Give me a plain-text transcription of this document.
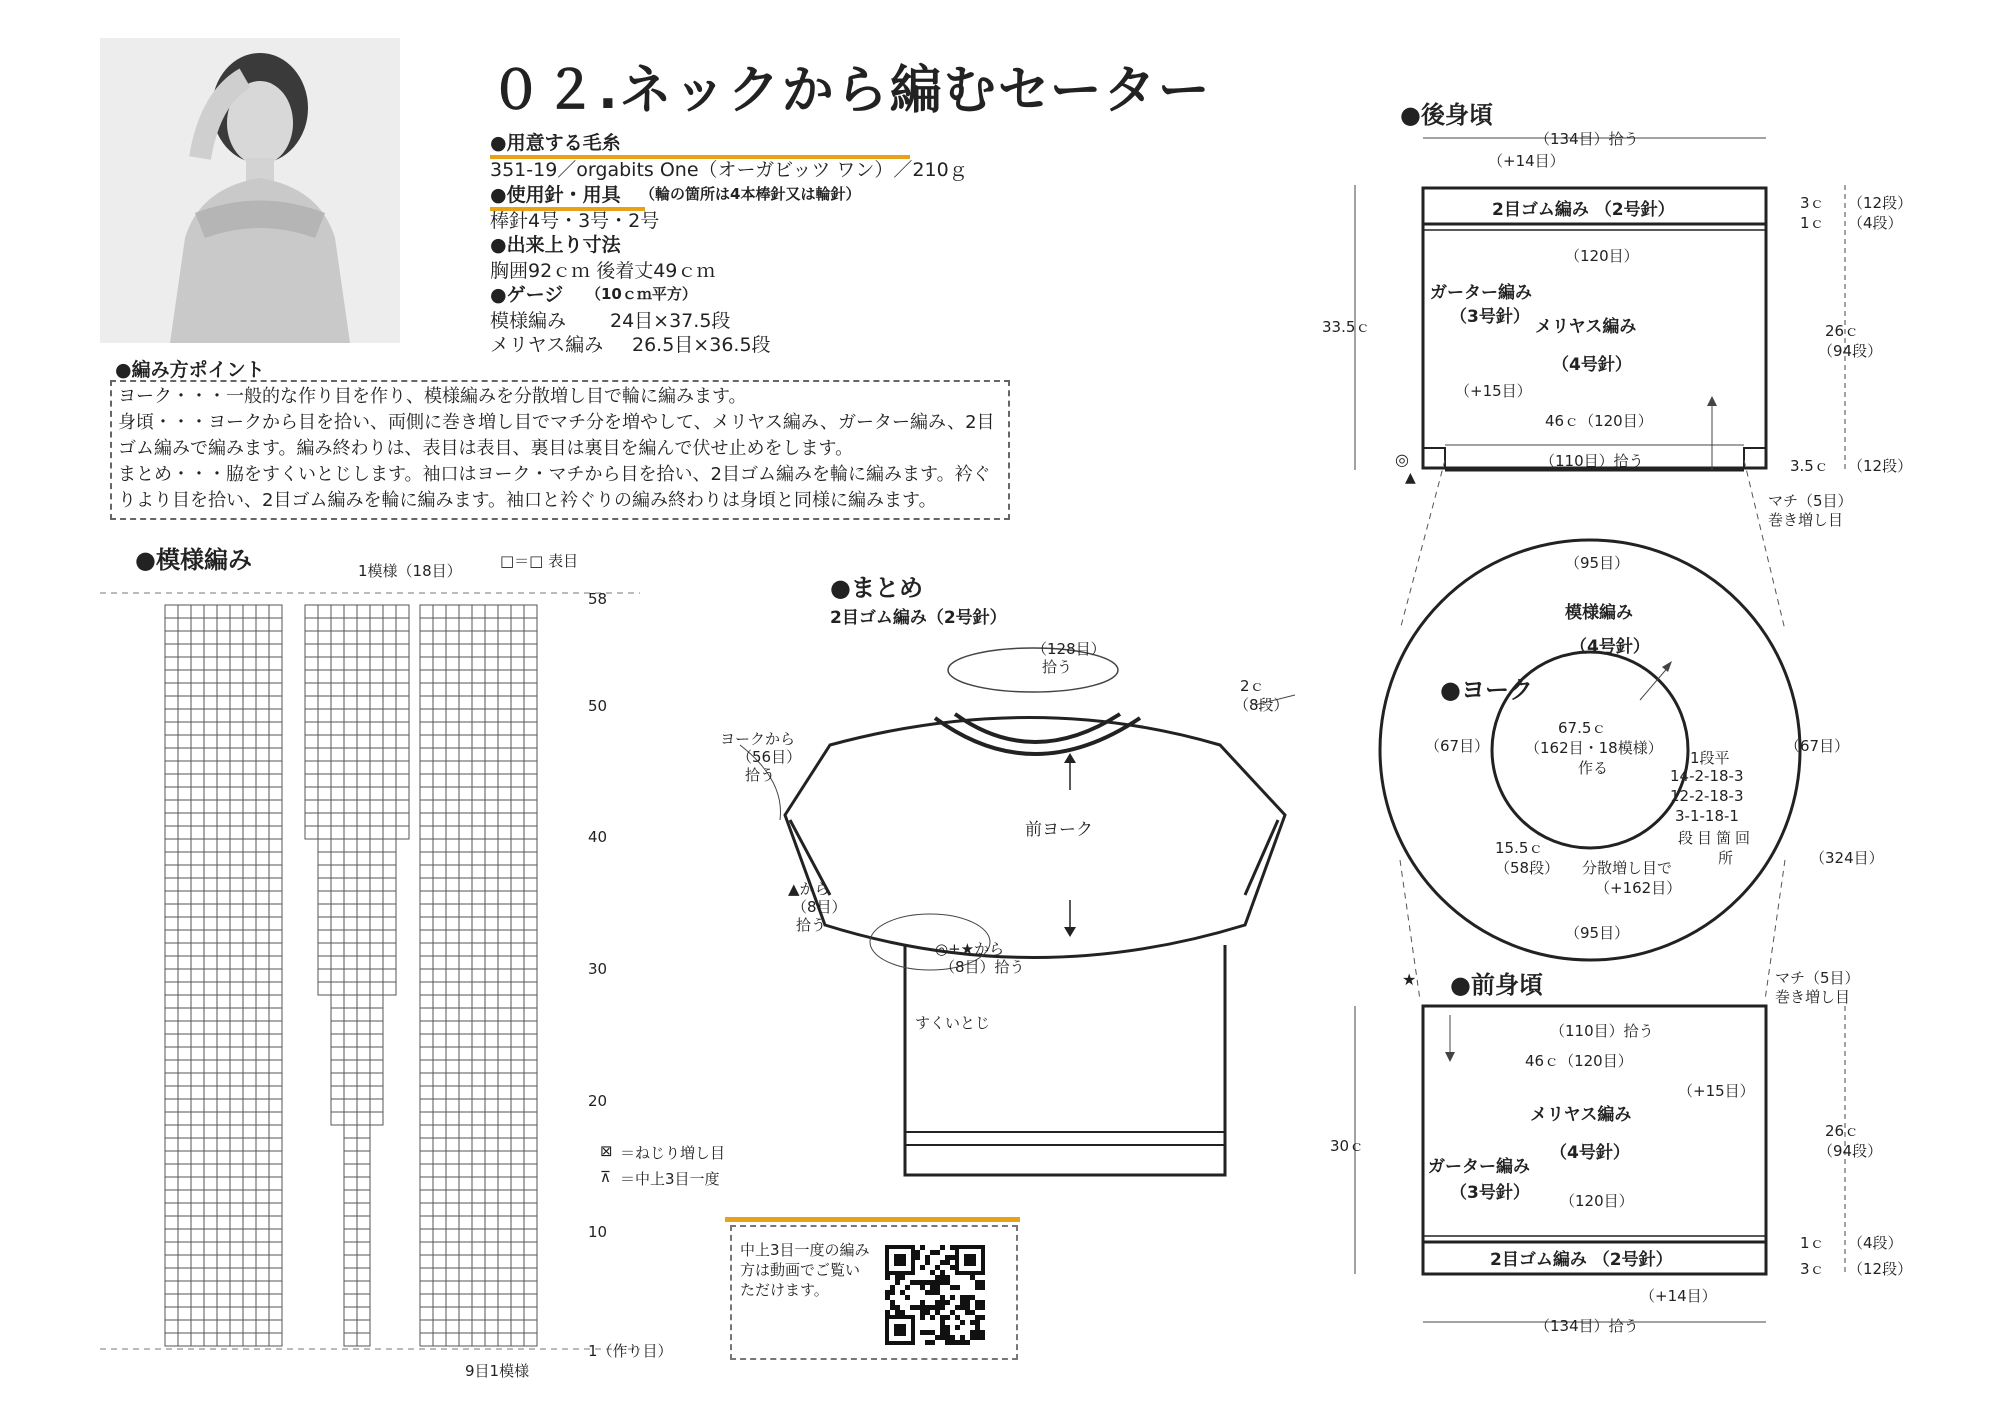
０２.ネックから編むセーター
●用意する毛糸
351-19／orgabits One（オーガビッツ ワン）／210ｇ
●使用針・用具	（輪の箇所は4本棒針又は輪針）
棒針4号・3号・2号
●出来上り寸法
胸囲92ｃｍ 後着丈49ｃｍ
●ゲージ （10ｃｍ平方）
模様編み 24目×37.5段
メリヤス編み 26.5目×36.5段
●編み方ポイント
ヨーク・・・一般的な作り目を作り、模様編みを分散増し目で輪に編みます。
身頃・・・ヨークから目を拾い、両側に巻き増し目でマチ分を増やして、メリヤス編み、ガーター編み、2目
ゴム編みで編みます。編み終わりは、表目は表目、裏目は裏目を編んで伏せ止めをします。
まとめ・・・脇をすくいとじします。袖口はヨーク・マチから目を拾い、2目ゴム編みを輪に編みます。衿ぐ
りより目を拾い、2目ゴム編みを輪に編みます。袖口と衿ぐりの編み終わりは身頃と同様に編みます。
●模様編み	1模様（18目）
□＝□ 表目
58
50
40
30
20
10
1（作り目）
9目1模様
⊠ ＝ねじり増し目
⊼ ＝中上3目一度
●まとめ
2目ゴム編み（2号針）
（128目）
拾う
2ｃ
（8段）
ヨークから
（56目）
拾う
前ヨーク
▲から
（8目）
拾う
◎+★から
（8目）拾う
すくいとじ
中上3目一度の編み方は動画でご覧いただけます。
●後身頃
（134目）拾う
（+14目）
2目ゴム編み （2号針）
（120目）
ガーター編み
（3号針） メリヤス編み
（4号針）
（+15目）
46ｃ（120目）
（110目）拾う
33.5ｃ
3ｃ （12段）
1ｃ （4段）
26ｃ
（94段）
3.5ｃ （12段）
マチ（5目）
巻き増し目
（95目）
模様編み
（4号針）
●ヨーク
（67目）	（67目）
67.5ｃ
（162目・18模様）
作る
1段平
14-2-18-3
12-2-18-3
3-1-18-1
段目箇回
所	（324目）
15.5ｃ
（58段） 分散増し目で
（+162目）
（95目）
●前身頃	マチ（5目）
巻き増し目
（110目）拾う
46ｃ（120目）
（+15目）
メリヤス編み
（4号針）
ガーター編み
（3号針） （120目）
2目ゴム編み （2号針）
（+14目）
（134目）拾う
30ｃ
26ｃ
（94段）
1ｃ （4段）
3ｃ （12段）
★
◎
▲
